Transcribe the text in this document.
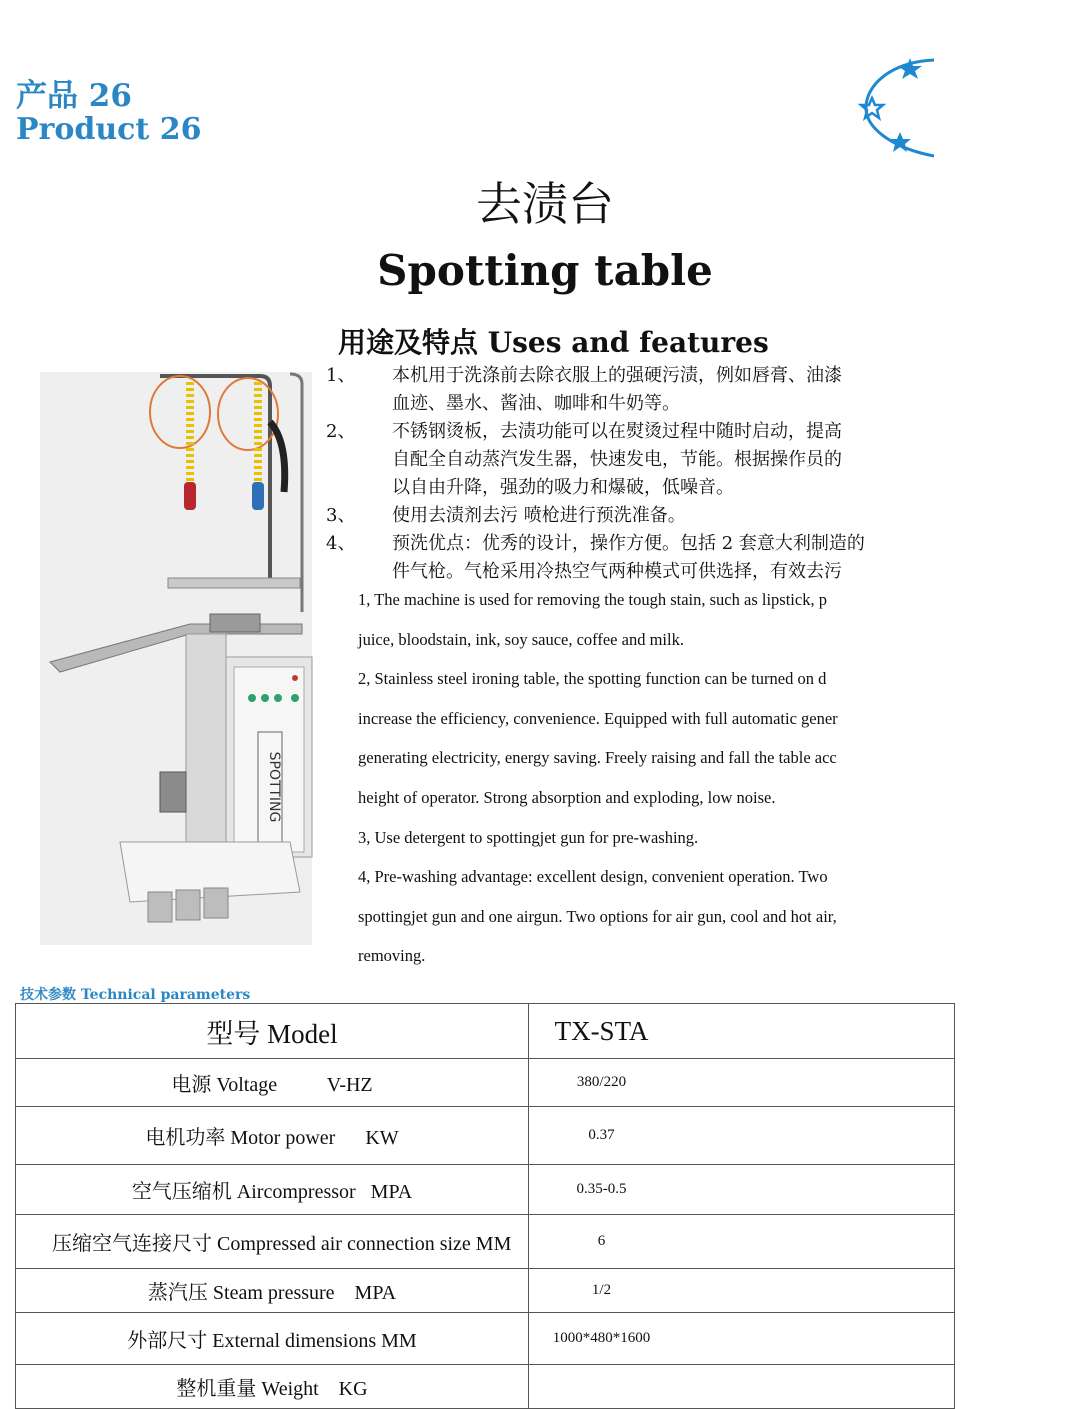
产品 26
Product 26
去渍台
Spotting table
用途及特点 Uses and features
SPOTTING
1、 本机用于洗涤前去除衣服上的强硬污渍，例如唇膏、油漆
血迹、墨水、酱油、咖啡和牛奶等。
2、 不锈钢烫板，去渍功能可以在熨烫过程中随时启动，提高
自配全自动蒸汽发生器，快速发电，节能。根据操作员的
以自由升降，强劲的吸力和爆破，低噪音。
3、 使用去渍剂去污 喷枪进行预洗准备。
4、 预洗优点：优秀的设计，操作方便。包括 2 套意大利制造的
件气枪。气枪采用冷热空气两种模式可供选择，有效去污
1, The machine is used for removing the tough stain, such as lipstick, p
juice, bloodstain, ink, soy sauce, coffee and milk.
2, Stainless steel ironing table, the spotting function can be turned on d
increase the efficiency, convenience. Equipped with full automatic gener
generating electricity, energy saving. Freely raising and fall the table acc
height of operator. Strong absorption and exploding, low noise.
3, Use detergent to spottingjet gun for pre-washing.
4, Pre-washing advantage: excellent design, convenient operation. Two
spottingjet gun and one airgun. Two options for air gun, cool and hot air,
removing.
技术参数 Technical parameters
型号 Model	TX-STA
电源 Voltage          V-HZ	380/220
电机功率 Motor power      KW	0.37
空气压缩机 Aircompressor   MPA	0.35-0.5
压缩空气连接尺寸 Compressed air connection size MM	6
蒸汽压 Steam pressure    MPA	1/2
外部尺寸 External dimensions MM	1000*480*1600
整机重量 Weight    KG	
